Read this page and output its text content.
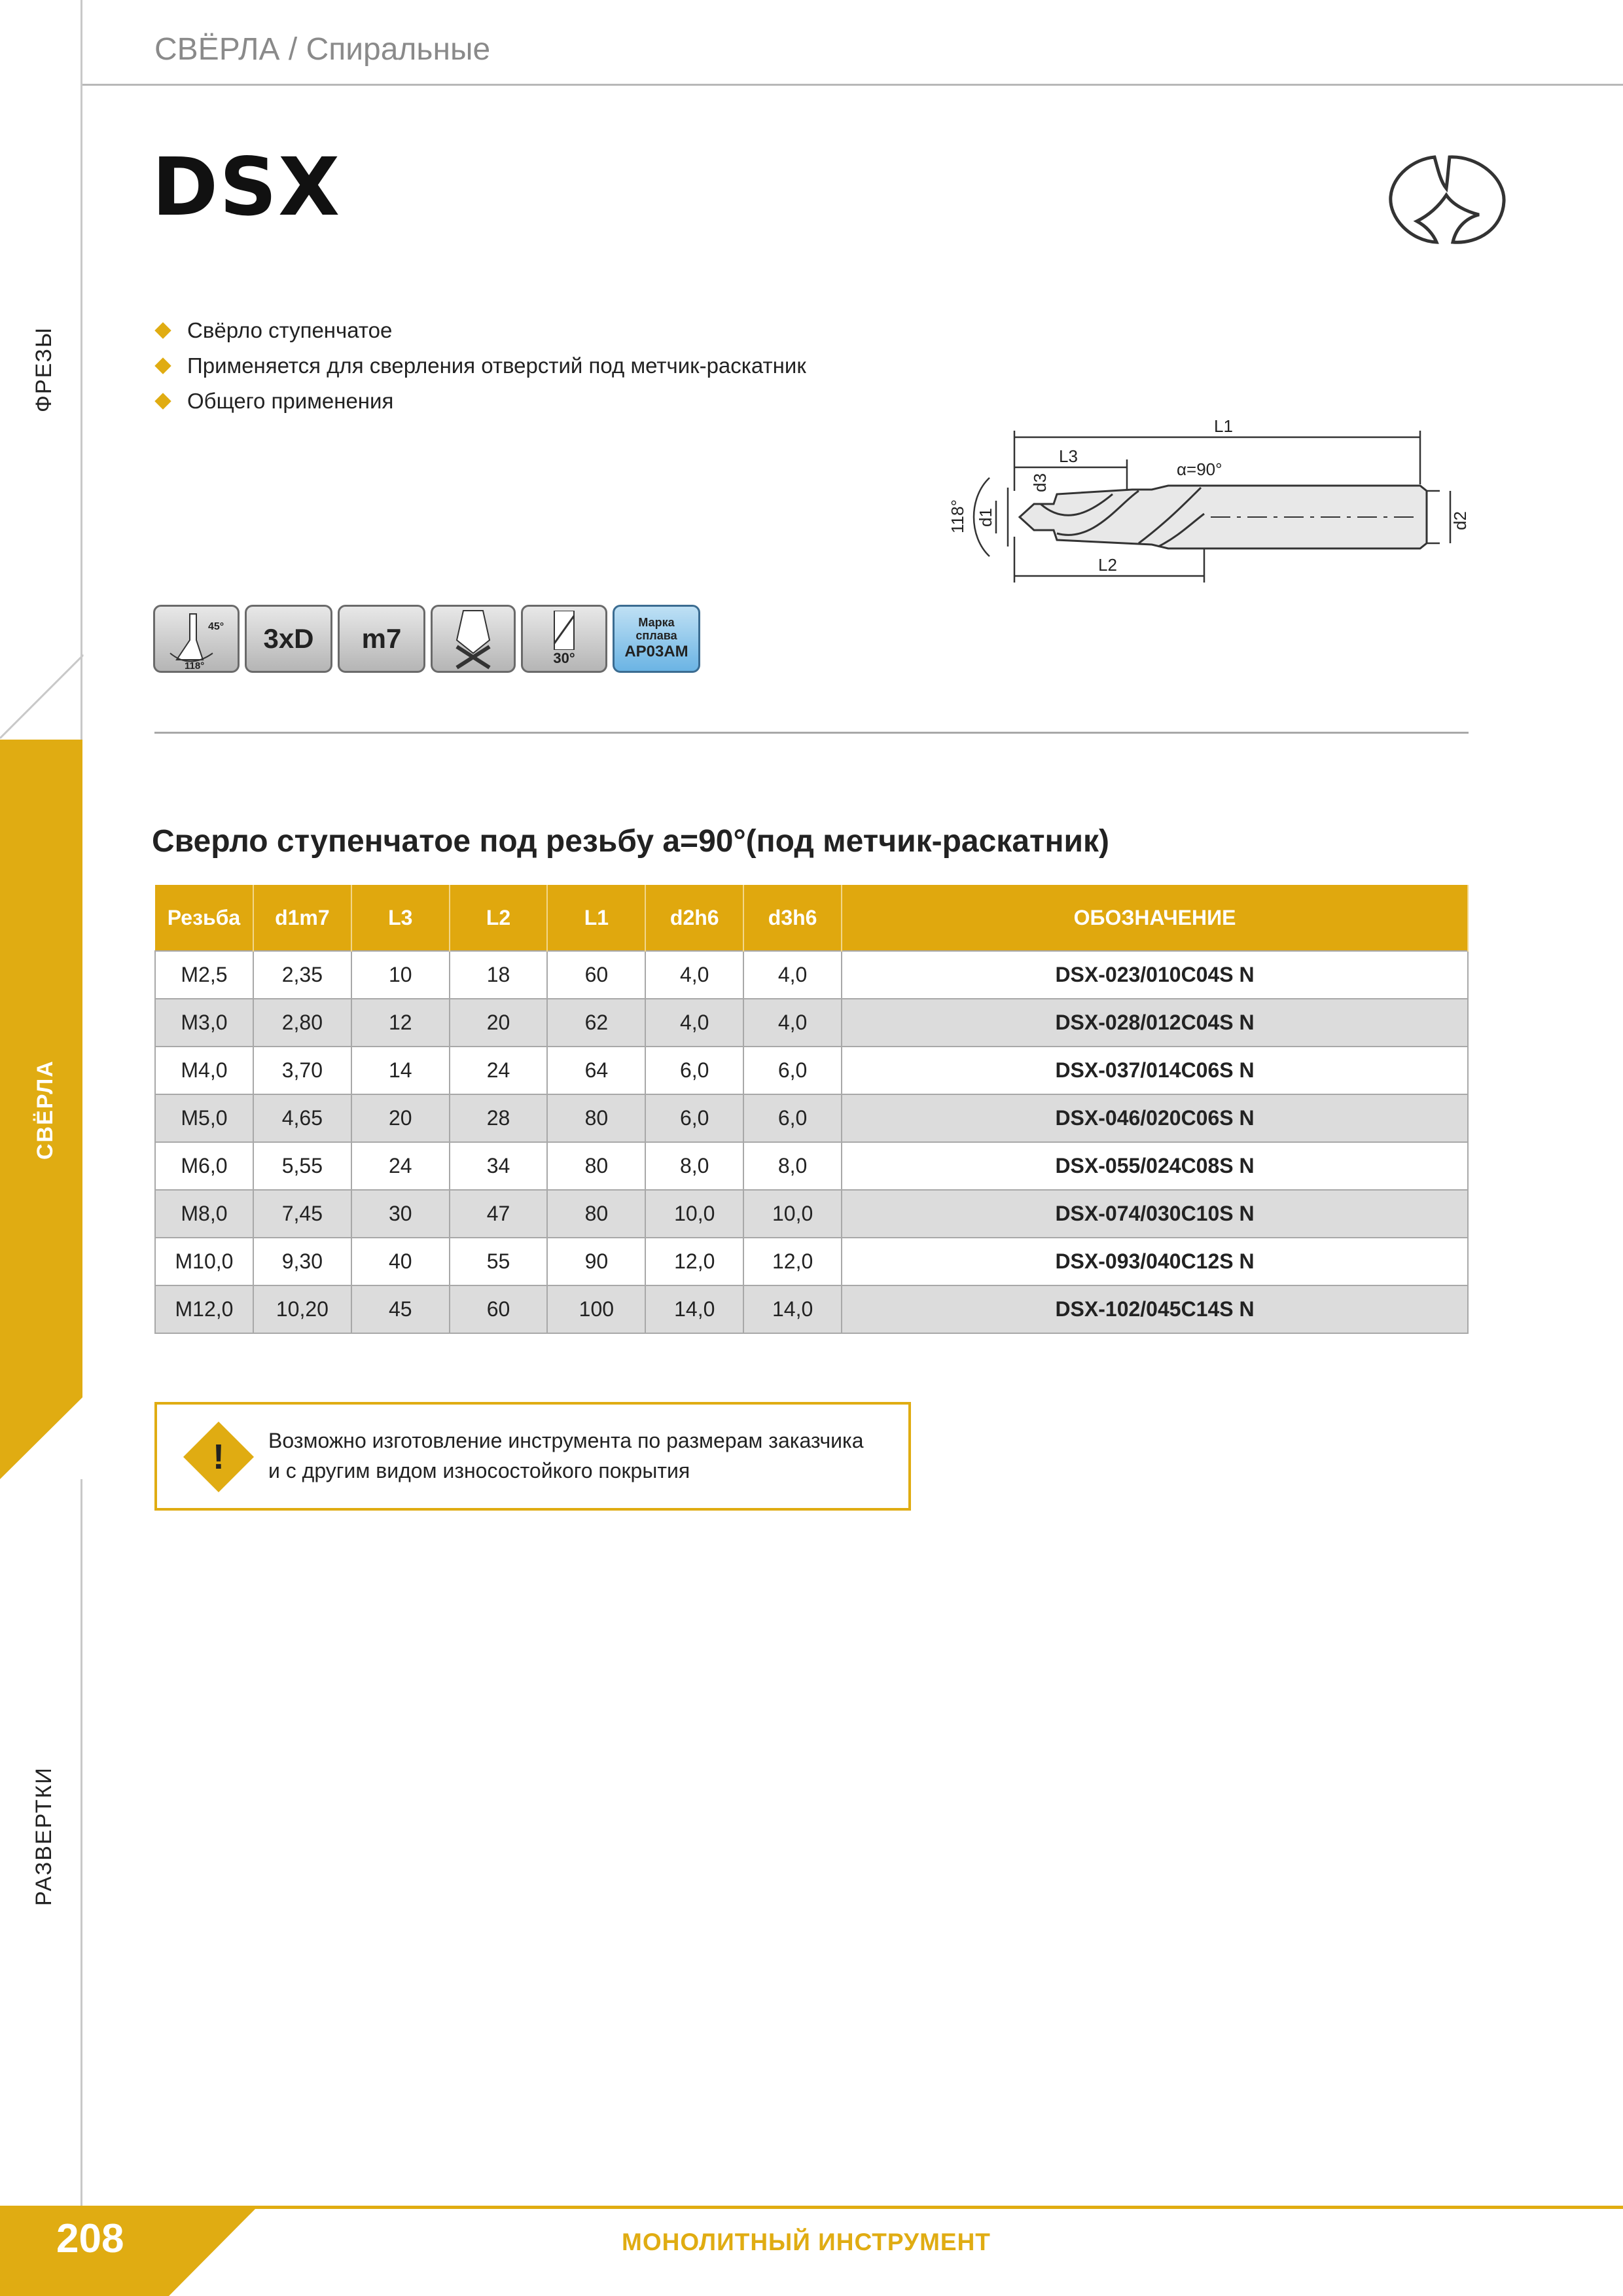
СВЁРЛА / Спиральные
ФРЕЗЫ
СВЁРЛА
РАЗВЕРТКИ
DSX
Свёрло ступенчатое
Применяется для сверления отверстий под метчик-раскатник
Общего применения
L1
L3
L2
α=90°
118° d1
d3
d2
45°
118°
3xD	m7
30°
Марка
сплава
AP03AM
Сверло ступенчатое под резьбу a=90°(под метчик-раскатник)
Резьба	d1m7	L3	L2	L1	d2h6	d3h6	ОБОЗНАЧЕНИЕ
M2,5	2,35	10	18	60	4,0	4,0	DSX-023/010C04S N
M3,0	2,80	12	20	62	4,0	4,0	DSX-028/012C04S N
M4,0	3,70	14	24	64	6,0	6,0	DSX-037/014C06S N
M5,0	4,65	20	28	80	6,0	6,0	DSX-046/020C06S N
M6,0	5,55	24	34	80	8,0	8,0	DSX-055/024C08S N
M8,0	7,45	30	47	80	10,0	10,0	DSX-074/030C10S N
M10,0	9,30	40	55	90	12,0	12,0	DSX-093/040C12S N
M12,0	10,20	45	60	100	14,0	14,0	DSX-102/045C14S N
! Возможно изготовление инструмента по размерам заказчика
и с другим видом износостойкого покрытия
208	МОНОЛИТНЫЙ ИНСТРУМЕНТ
